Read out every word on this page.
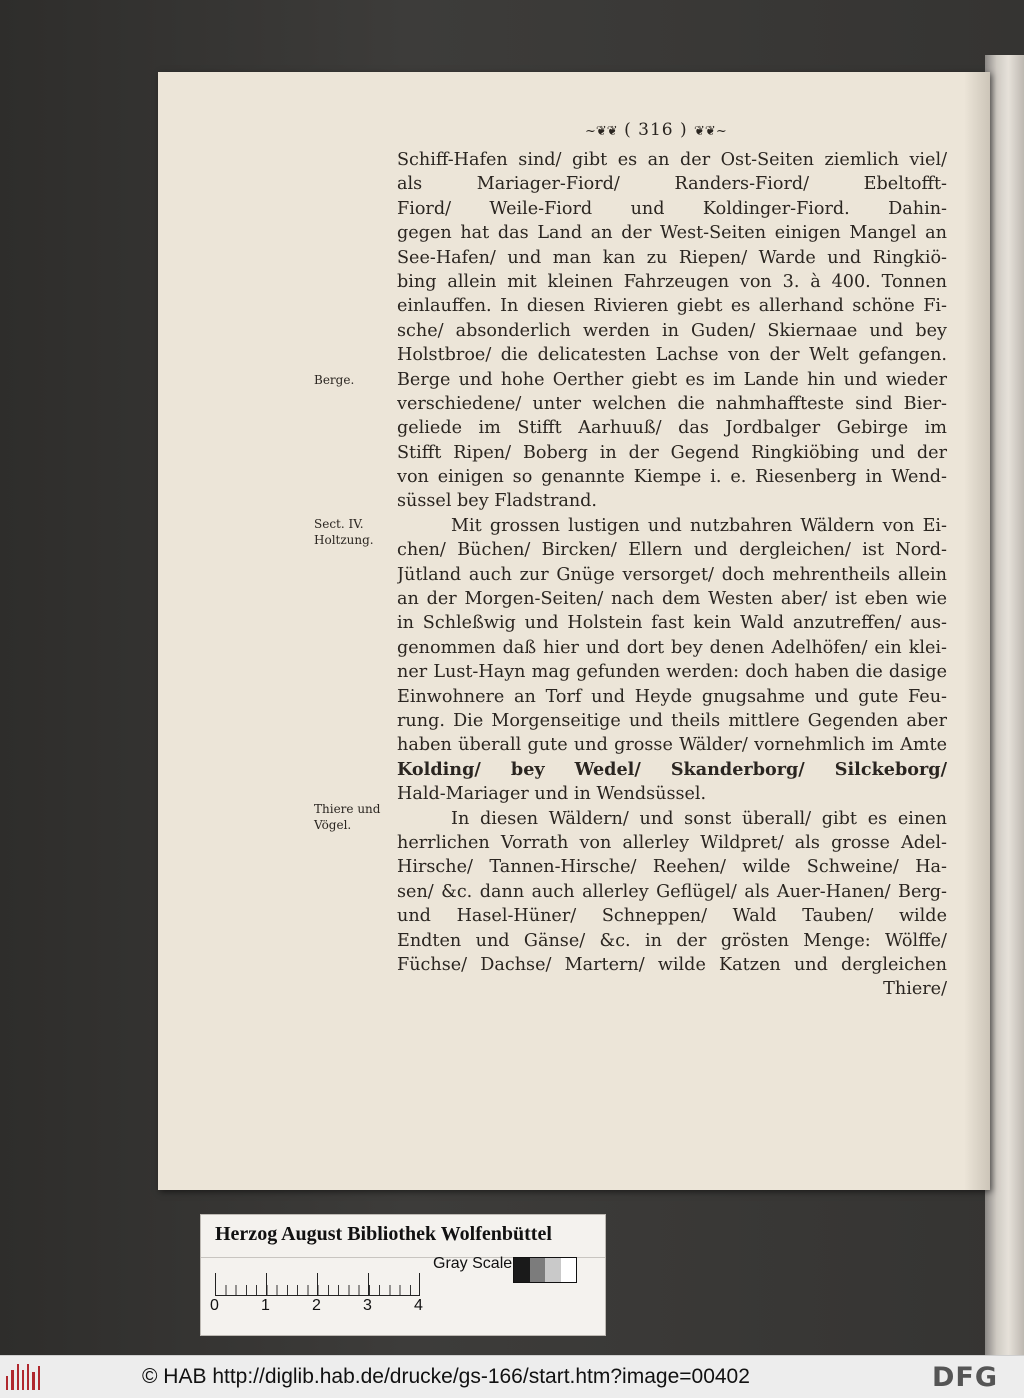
~❦❦ ( 316 ) ❦❦~
Schiff-Hafen sind/ gibt es an der Ost-Seiten ziemlich viel/
als Mariager-Fiord/ Randers-Fiord/ Ebeltofft-
Fiord/ Weile-Fiord und Koldinger-Fiord. Dahin-
gegen hat das Land an der West-Seiten einigen Mangel an
See-Hafen/ und man kan zu Riepen/ Warde und Ringkiö-
bing allein mit kleinen Fahrzeugen von 3. à 400. Tonnen
einlauffen. In diesen Rivieren giebt es allerhand schöne Fi-
sche/ absonderlich werden in Guden/ Skiernaae und bey
Holstbroe/ die delicatesten Lachse von der Welt gefangen.
Berge und hohe Oerther giebt es im Lande hin und wieder
verschiedene/ unter welchen die nahmhaffteste sind Bier-
geliede im Stifft Aarhuuß/ das Jordbalger Gebirge im
Stifft Ripen/ Boberg in der Gegend Ringkiöbing und der
von einigen so genannte Kiempe i. e. Riesenberg in Wend-
süssel bey Fladstrand.
Mit grossen lustigen und nutzbahren Wäldern von Ei-
chen/ Büchen/ Bircken/ Ellern und dergleichen/ ist Nord-
Jütland auch zur Gnüge versorget/ doch mehrentheils allein
an der Morgen-Seiten/ nach dem Westen aber/ ist eben wie
in Schleßwig und Holstein fast kein Wald anzutreffen/ aus-
genommen daß hier und dort bey denen Adelhöfen/ ein klei-
ner Lust-Hayn mag gefunden werden: doch haben die dasige
Einwohnere an Torf und Heyde gnugsahme und gute Feu-
rung. Die Morgenseitige und theils mittlere Gegenden aber
haben überall gute und grosse Wälder/ vornehmlich im Amte
Kolding/ bey Wedel/ Skanderborg/ Silckeborg/
Hald-Mariager und in Wendsüssel.
In diesen Wäldern/ und sonst überall/ gibt es einen
herrlichen Vorrath von allerley Wildpret/ als grosse Adel-
Hirsche/ Tannen-Hirsche/ Reehen/ wilde Schweine/ Ha-
sen/ &c. dann auch allerley Geflügel/ als Auer-Hanen/ Berg-
und Hasel-Hüner/ Schneppen/ Wald Tauben/ wilde
Endten und Gänse/ &c. in der grösten Menge: Wölffe/
Füchse/ Dachse/ Martern/ wilde Katzen und dergleichen
Thiere/
Berge.
Sect. IV.
Holtzung.
Thiere und
Vögel.
Herzog August Bibliothek Wolfenbüttel
0	1	2	3	4
Gray Scale
© HAB http://diglib.hab.de/drucke/gs-166/start.htm?image=00402	DFG
